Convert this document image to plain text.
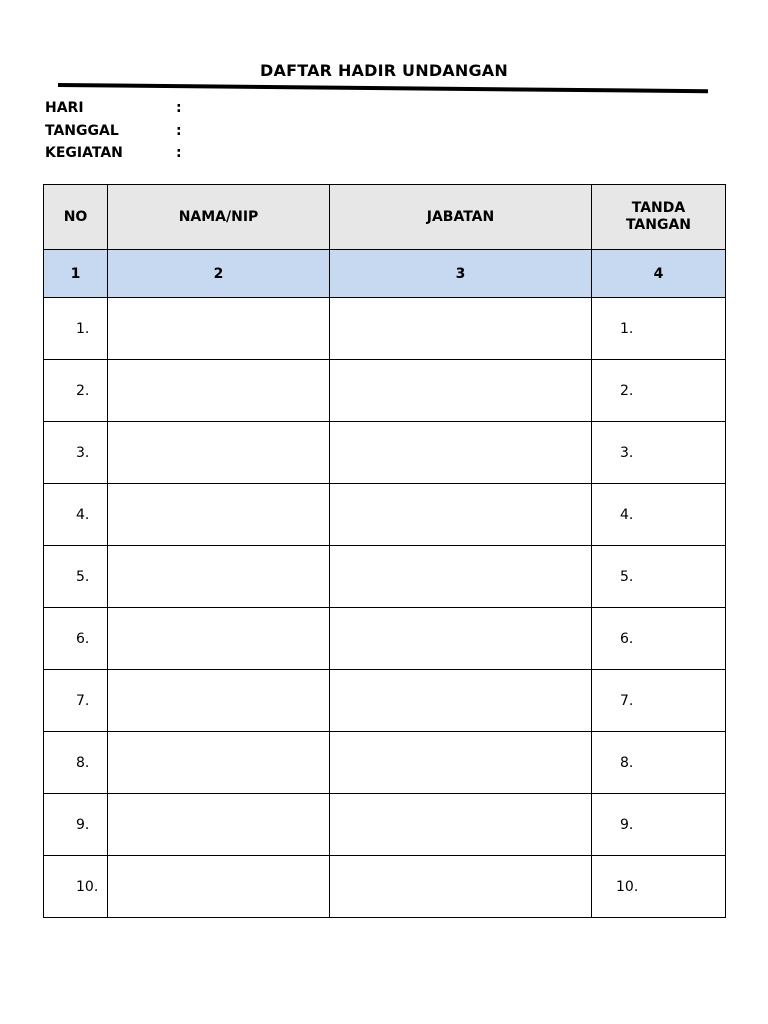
DAFTAR HADIR UNDANGAN
HARI	:
TANGGAL	:
KEGIATAN	:
NO	NAMA/NIP	JABATAN	TANDA TANGAN
1	2	3	4
1.			1.
2.			2.
3.			3.
4.			4.
5.			5.
6.			6.
7.			7.
8.			8.
9.			9.
10.			10.
